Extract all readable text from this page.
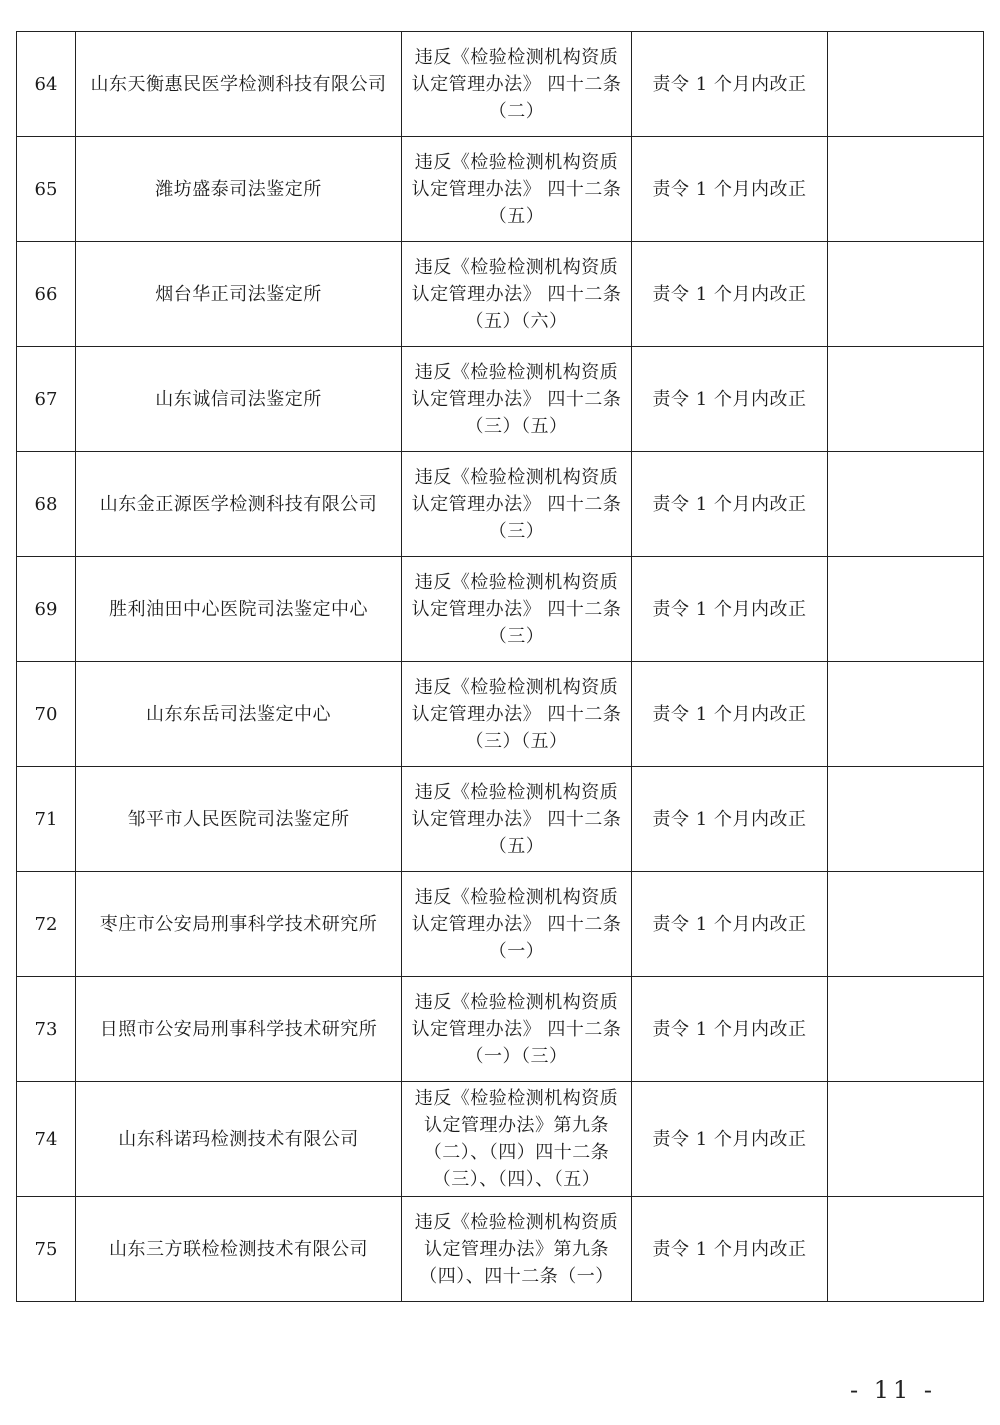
64	山东天衡惠民医学检测科技有限公司	违反《检验检测机构资质
认定管理办法》 四十二条
（二）	责令 1 个月内改正	
65	潍坊盛泰司法鉴定所	违反《检验检测机构资质
认定管理办法》 四十二条
（五）	责令 1 个月内改正	
66	烟台华正司法鉴定所	违反《检验检测机构资质
认定管理办法》 四十二条
（五）（六）	责令 1 个月内改正	
67	山东诚信司法鉴定所	违反《检验检测机构资质
认定管理办法》 四十二条
（三）（五）	责令 1 个月内改正	
68	山东金正源医学检测科技有限公司	违反《检验检测机构资质
认定管理办法》 四十二条
（三）	责令 1 个月内改正	
69	胜利油田中心医院司法鉴定中心	违反《检验检测机构资质
认定管理办法》 四十二条
（三）	责令 1 个月内改正	
70	山东东岳司法鉴定中心	违反《检验检测机构资质
认定管理办法》 四十二条
（三）（五）	责令 1 个月内改正	
71	邹平市人民医院司法鉴定所	违反《检验检测机构资质
认定管理办法》 四十二条
（五）	责令 1 个月内改正	
72	枣庄市公安局刑事科学技术研究所	违反《检验检测机构资质
认定管理办法》 四十二条
（一）	责令 1 个月内改正	
73	日照市公安局刑事科学技术研究所	违反《检验检测机构资质
认定管理办法》 四十二条
（一）（三）	责令 1 个月内改正	
74	山东科诺玛检测技术有限公司	违反《检验检测机构资质
认定管理办法》第九条
（二）、（四）四十二条
（三）、（四）、（五）	责令 1 个月内改正	
75	山东三方联检检测技术有限公司	违反《检验检测机构资质
认定管理办法》第九条
（四）、四十二条（一）	责令 1 个月内改正	
- 11 -
